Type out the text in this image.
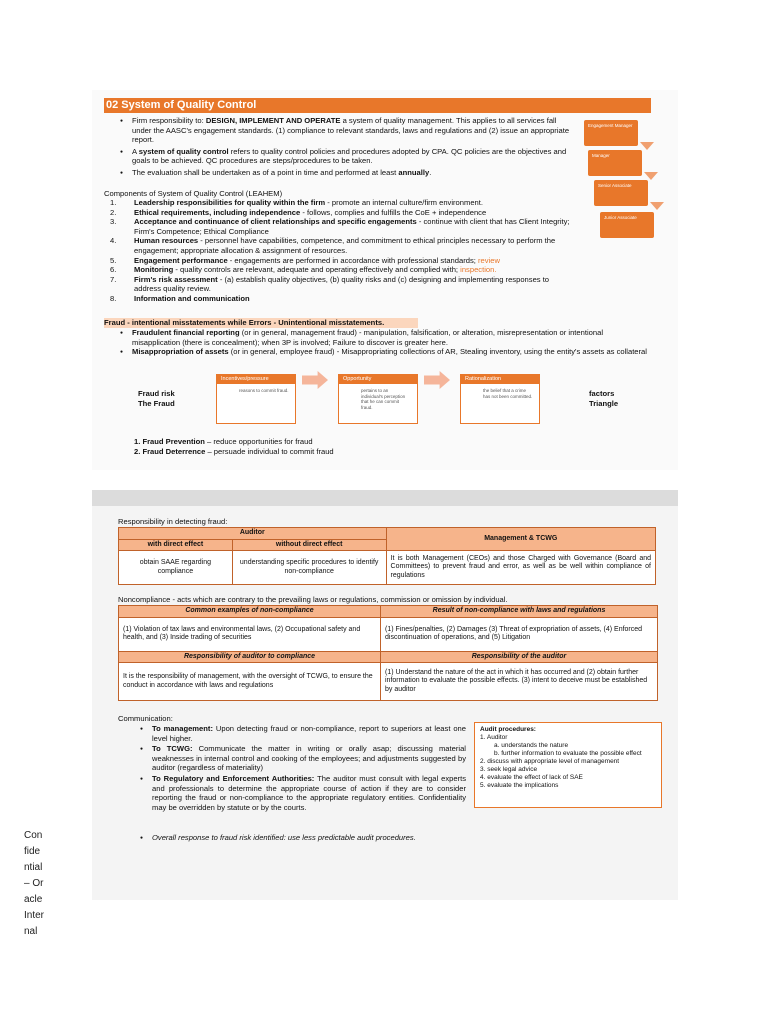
02 System of Quality Control
● Firm responsibility to: DESIGN, IMPLEMENT AND OPERATE a system of quality management. This applies to all services fall under the AASC's engagement standards. (1) compliance to relevant standards, laws and regulations and (2) issue an appropriate report.
● A system of quality control refers to quality control policies and procedures adopted by CPA. QC policies are the objectives and goals to be achieved. QC procedures are steps/procedures to be taken.
● The evaluation shall be undertaken as of a point in time and performed at least annually.
Engagement Manager
Manager
Senior Associate
Junior Associate
Components of System of Quality Control (LEAHEM)
1. Leadership responsibilities for quality within the firm - promote an internal culture/firm environment.
2. Ethical requirements, including independence - follows, complies and fulfills the CoE + independence
3. Acceptance and continuance of client relationships and specific engagements - continue with client that has Client Integrity; Firm's Competence; Ethical Compliance
4. Human resources - personnel have capabilities, competence, and commitment to ethical principles necessary to perform the engagement; appropriate allocation & assignment of resources.
5. Engagement performance - engagements are performed in accordance with professional standards; review
6. Monitoring - quality controls are relevant, adequate and operating effectively and complied with; inspection.
7. Firm's risk assessment - (a) establish quality objectives, (b) quality risks and (c) designing and implementing responses to address quality review.
8. Information and communication
Fraud - intentional misstatements while Errors - Unintentional misstatements.
● Fraudulent financial reporting (or in general, management fraud) - manipulation, falsification, or alteration, misrepresentation or intentional misapplication (there is concealment); when 3P is involved; Failure to discover is greater here.
● Misappropriation of assets (or in general, employee fraud) - Misappropriating collections of AR, Stealing inventory, using the entity's assets as collateral
Fraud risk
The Fraud
factors
Triangle
Incentives/pressure
reasons to commit fraud.
Opportunity
pertains to an individual's perception that he can commit fraud.
Rationalization
the belief that a crime has not been committed.
1. Fraud Prevention – reduce opportunities for fraud
2. Fraud Deterrence – persuade individual to commit fraud
Responsibility in detecting fraud:
Auditor		Management & TCWG
with direct effect	without direct effect	
obtain SAAE regarding compliance	understanding specific procedures to identify non-compliance	It is both Management (CEOs) and those Charged with Governance (Board and Committees) to prevent fraud and error, as well as be well within compliance of regulations
Noncompliance - acts which are contrary to the prevailing laws or regulations, commission or omission by individual.
Common examples of non-compliance	Result of non-compliance with laws and regulations
(1) Violation of tax laws and environmental laws, (2) Occupational safety and health, and (3) Inside trading of securities	(1) Fines/penalties, (2) Damages (3) Threat of expropriation of assets, (4) Enforced discontinuation of operations, and (5) Litigation
Responsibility of auditor to compliance	Responsibility of the auditor
It is the responsibility of management, with the oversight of TCWG, to ensure the conduct in accordance with laws and regulations	(1) Understand the nature of the act in which it has occurred and (2) obtain further information to evaluate the possible effects. (3) intent to deceive must be established by auditor
Communication:
● To management: Upon detecting fraud or non-compliance, report to superiors at least one level higher.
● To TCWG: Communicate the matter in writing or orally asap; discussing material weaknesses in internal control and cooking of the employees; and adjustments suggested by auditor (regardless of materiality)
● To Regulatory and Enforcement Authorities: The auditor must consult with legal experts and professionals to determine the appropriate course of action if they are to consider reporting the fraud or non-compliance to the appropriate regulatory entities. Confidentiality may be overridden by statute or by the courts.
● Overall response to fraud risk identified: use less predictable audit procedures.
Audit procedures:
1. Auditor
a. understands the nature
b. further information to evaluate the possible effect
2. discuss with appropriate level of management
3. seek legal advice
4. evaluate the effect of lack of SAE
5. evaluate the implications
Confidential – Oracle Internal
